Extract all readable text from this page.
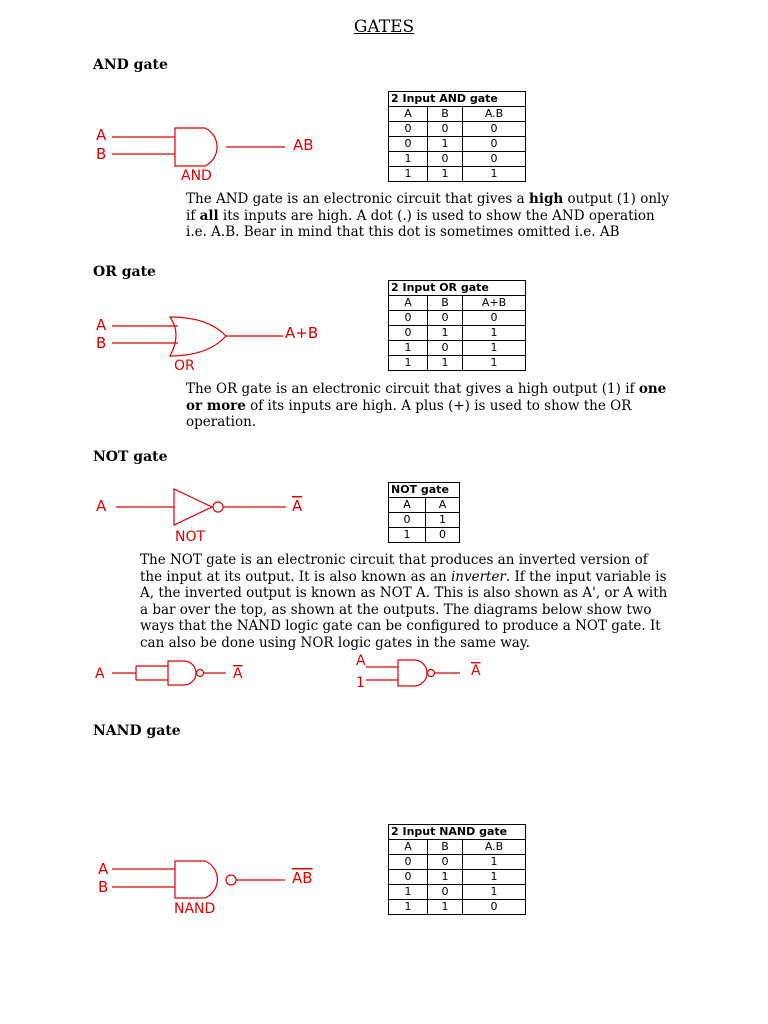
GATES
AND gate
A
B	AB
AND
2 Input AND gate		
A	B	A.B
0	0	0
0	1	0
1	0	0
1	1	1
The AND gate is an electronic circuit that gives a high output (1) only if all its inputs are high. A dot (.) is used to show the AND operation i.e. A.B. Bear in mind that this dot is sometimes omitted i.e. AB
OR gate
A
B
A+B
OR
2 Input OR gate		
A	B	A+B
0	0	0
0	1	1
1	0	1
1	1	1
The OR gate is an electronic circuit that gives a high output (1) if one or more of its inputs are high. A plus (+) is used to show the OR operation.
NOT gate
A	A
NOT
NOT gate	
A	$\overline{A}$
0	1
1	0
The NOT gate is an electronic circuit that produces an inverted version of the input at its output. It is also known as an inverter. If the input variable is A, the inverted output is known as NOT A. This is also shown as A', or A with a bar over the top, as shown at the outputs. The diagrams below show two ways that the NAND logic gate can be configured to produce a NOT gate. It can also be done using NOR logic gates in the same way.
A	A
A
1
A
NAND gate
A
B	AB
NAND
2 Input NAND gate		
A	B	A.B
0	0	1
0	1	1
1	0	1
1	1	0
